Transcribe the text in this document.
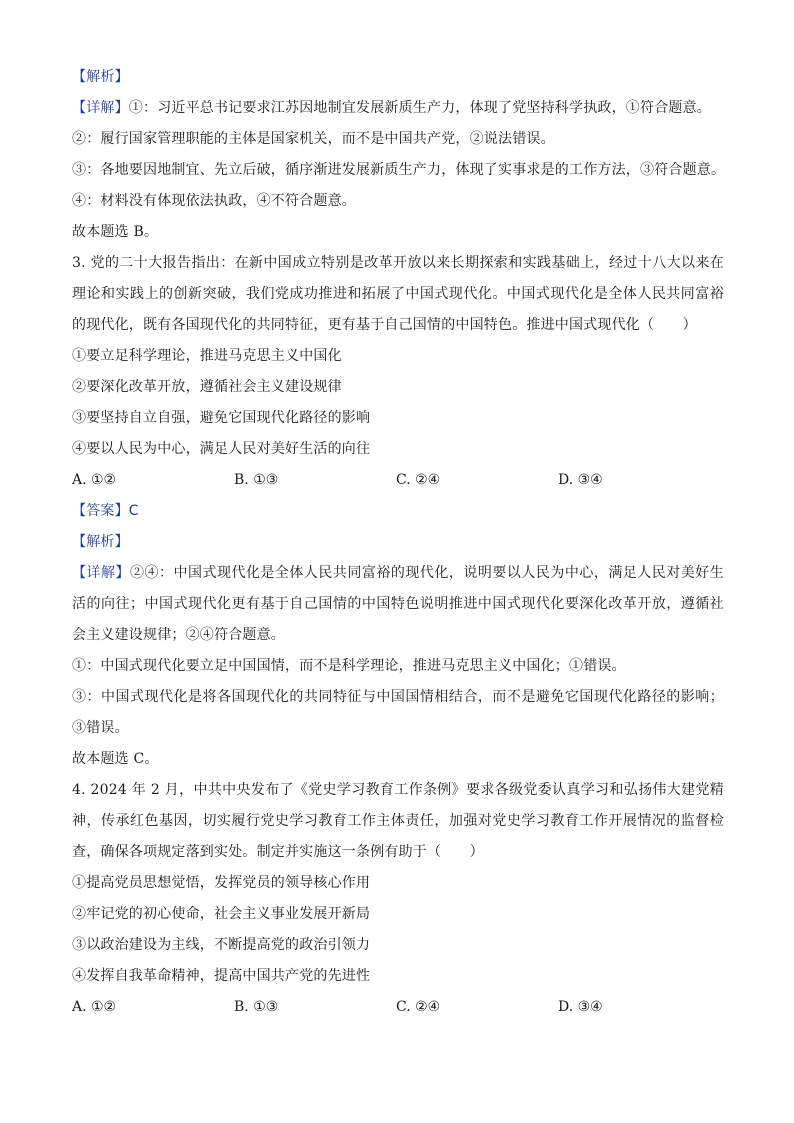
【解析】
【详解】①：习近平总书记要求江苏因地制宜发展新质生产力，体现了党坚持科学执政，①符合题意。
②：履行国家管理职能的主体是国家机关，而不是中国共产党，②说法错误。
③：各地要因地制宜、先立后破，循序渐进发展新质生产力，体现了实事求是的工作方法，③符合题意。
④：材料没有体现依法执政，④不符合题意。
故本题选 B。
3. 党的二十大报告指出：在新中国成立特别是改革开放以来长期探索和实践基础上，经过十八大以来在理论和实践上的创新突破，我们党成功推进和拓展了中国式现代化。中国式现代化是全体人民共同富裕的现代化，既有各国现代化的共同特征，更有基于自己国情的中国特色。推进中国式现代化（　　）
①要立足科学理论，推进马克思主义中国化
②要深化改革开放，遵循社会主义建设规律
③要坚持自立自强，避免它国现代化路径的影响
④要以人民为中心，满足人民对美好生活的向往
A. ①②	B. ①③	C. ②④	D. ③④
【答案】C
【解析】
【详解】②④：中国式现代化是全体人民共同富裕的现代化，说明要以人民为中心，满足人民对美好生活的向往；中国式现代化更有基于自己国情的中国特色说明推进中国式现代化要深化改革开放，遵循社会主义建设规律；②④符合题意。
①：中国式现代化要立足中国国情，而不是科学理论，推进马克思主义中国化；①错误。
③：中国式现代化是将各国现代化的共同特征与中国国情相结合，而不是避免它国现代化路径的影响；③错误。
故本题选 C。
4. 2024 年 2 月，中共中央发布了《党史学习教育工作条例》要求各级党委认真学习和弘扬伟大建党精神，传承红色基因，切实履行党史学习教育工作主体责任，加强对党史学习教育工作开展情况的监督检查，确保各项规定落到实处。制定并实施这一条例有助于（　　）
①提高党员思想觉悟，发挥党员的领导核心作用
②牢记党的初心使命，社会主义事业发展开新局
③以政治建设为主线，不断提高党的政治引领力
④发挥自我革命精神，提高中国共产党的先进性
A. ①②	B. ①③	C. ②④	D. ③④
